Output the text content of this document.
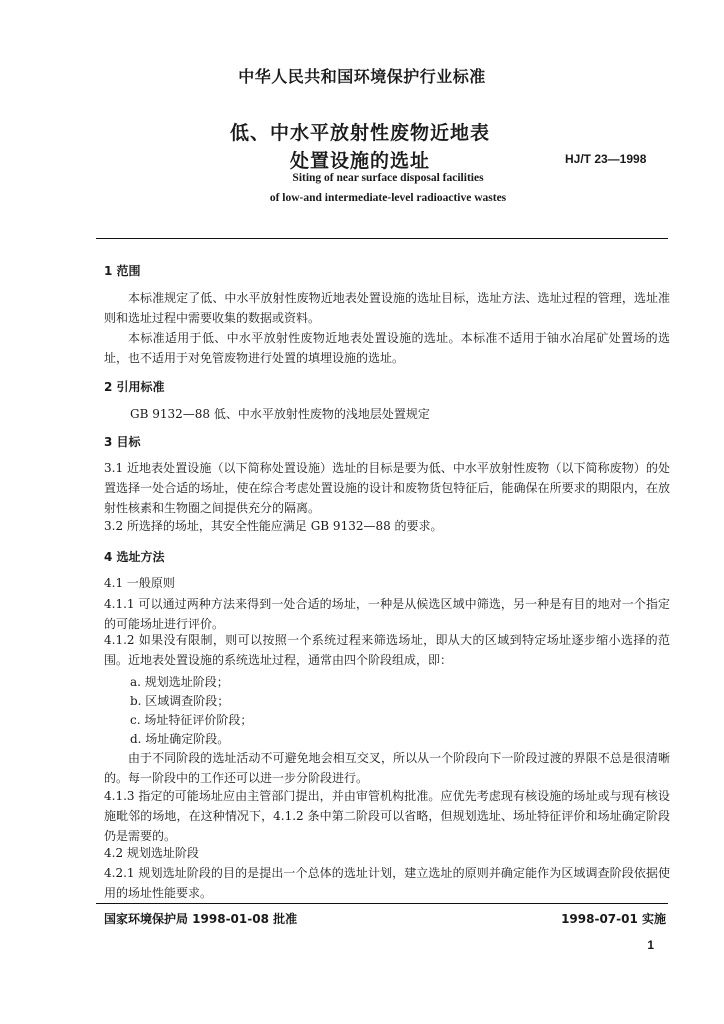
中华人民共和国环境保护行业标准
低、中水平放射性废物近地表
处置设施的选址	HJ/T 23—1998
Siting of near surface disposal facilities
of low-and intermediate-level radioactive wastes
1 范围
本标准规定了低、中水平放射性废物近地表处置设施的选址目标，选址方法、选址过程的管理，选址准则和选址过程中需要收集的数据或资料。
本标准适用于低、中水平放射性废物近地表处置设施的选址。本标准不适用于铀水冶尾矿处置场的选址，也不适用于对免管废物进行处置的填埋设施的选址。
2 引用标准
GB 9132—88 低、中水平放射性废物的浅地层处置规定
3 目标
3.1 近地表处置设施（以下简称处置设施）选址的目标是要为低、中水平放射性废物（以下简称废物）的处置选择一处合适的场址，使在综合考虑处置设施的设计和废物货包特征后，能确保在所要求的期限内，在放射性核素和生物圈之间提供充分的隔离。
3.2 所选择的场址，其安全性能应满足 GB 9132—88 的要求。
4 选址方法
4.1 一般原则
4.1.1 可以通过两种方法来得到一处合适的场址，一种是从候选区域中筛选，另一种是有目的地对一个指定的可能场址进行评价。
4.1.2 如果没有限制，则可以按照一个系统过程来筛选场址，即从大的区域到特定场址逐步缩小选择的范围。近地表处置设施的系统选址过程，通常由四个阶段组成，即：
a. 规划选址阶段；
b. 区域调查阶段；
c. 场址特征评价阶段；
d. 场址确定阶段。
由于不同阶段的选址活动不可避免地会相互交叉，所以从一个阶段向下一阶段过渡的界限不总是很清晰的。每一阶段中的工作还可以进一步分阶段进行。
4.1.3 指定的可能场址应由主管部门提出，并由审管机构批准。应优先考虑现有核设施的场址或与现有核设施毗邻的场地，在这种情况下，4.1.2 条中第二阶段可以省略，但规划选址、场址特征评价和场址确定阶段仍是需要的。
4.2 规划选址阶段
4.2.1 规划选址阶段的目的是提出一个总体的选址计划，建立选址的原则并确定能作为区域调查阶段依据使用的场址性能要求。
国家环境保护局 1998-01-08 批准	1998-07-01 实施
1
